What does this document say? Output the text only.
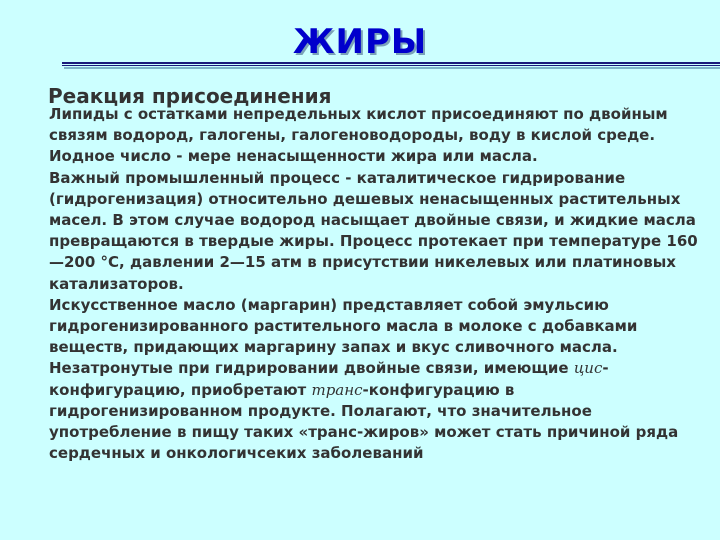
ЖИРЫ
Реакция присоединения

Липиды с остатками непредельных кислот присоединяют по двойным связям водород, галогены, галогеноводороды, воду в кислой среде. Иодное число - мере ненасыщенности жира или масла.

Важный промышленный процесс - каталитическое гидрирование (гидрогенизация) относительно дешевых ненасыщенных растительных масел. В этом случае водород насыщает двойные связи, и жидкие масла превращаются в твердые жиры. Процесс протекает при температуре 160—200 °С, давлении 2—15 атм в присутствии никелевых или платиновых катализаторов.

Искусственное масло (маргарин) представляет собой эмульсию гидрогенизированного растительного масла в молоке с добавками веществ, придающих маргарину запах и вкус сливочного масла.

Незатронутые при гидрировании двойные связи, имеющие цис-конфигурацию, приобретают транс-конфигурацию в гидрогенизированном продукте. Полагают, что значительное употребление в пищу таких «транс-жиров» может стать причиной ряда сердечных и онкологичсеких заболеваний
